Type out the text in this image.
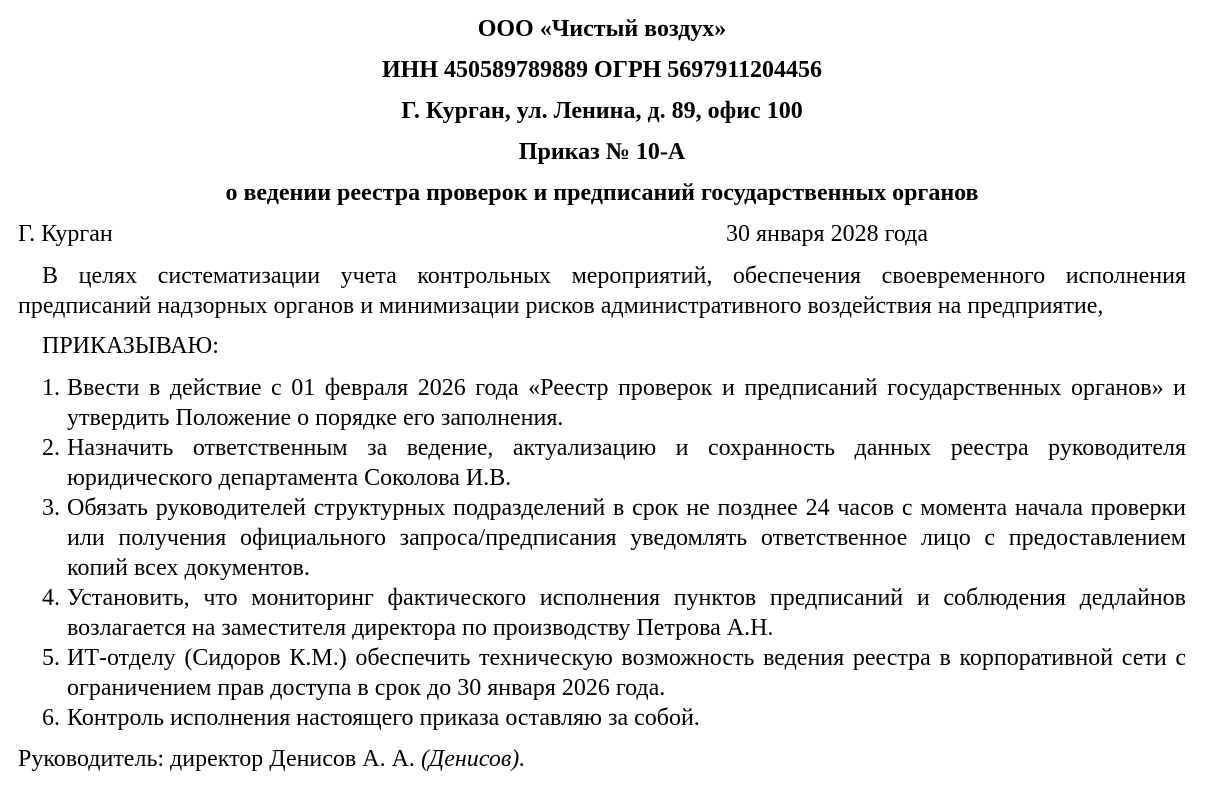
ООО «Чистый воздух»

ИНН 450589789889 ОГРН 5697911204456

Г. Курган, ул. Ленина, д. 89, офис 100

Приказ № 10-А

о ведении реестра проверок и предписаний государственных органов

Г. Курган	30 января 2028 года

В целях систематизации учета контрольных мероприятий, обеспечения своевременного исполнения предписаний надзорных органов и минимизации рисков административного воздействия на предприятие,

ПРИКАЗЫВАЮ:

1. Ввести в действие с 01 февраля 2026 года «Реестр проверок и предписаний государственных органов» и утвердить Положение о порядке его заполнения.
2. Назначить ответственным за ведение, актуализацию и сохранность данных реестра руководителя юридического департамента Соколова И.В.
3. Обязать руководителей структурных подразделений в срок не позднее 24 часов с момента начала проверки или получения официального запроса/предписания уведомлять ответственное лицо с предоставлением копий всех документов.
4. Установить, что мониторинг фактического исполнения пунктов предписаний и соблюдения дедлайнов возлагается на заместителя директора по производству Петрова А.Н.
5. ИТ-отделу (Сидоров К.М.) обеспечить техническую возможность ведения реестра в корпоративной сети с ограничением прав доступа в срок до 30 января 2026 года.
6. Контроль исполнения настоящего приказа оставляю за собой.
Руководитель: директор Денисов А. А. (Денисов).
